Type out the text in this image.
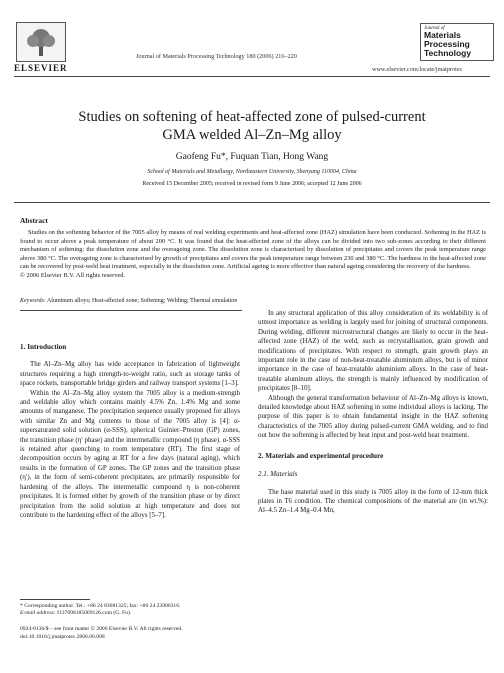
ELSEVIER
Journal of Materials Processing Technology 180 (2006) 216–220
Journal of
Materials
Processing
Technology
www.elsevier.com/locate/jmatprotec
Studies on softening of heat-affected zone of pulsed-current
GMA welded Al–Zn–Mg alloy
Gaofeng Fu*, Fuquan Tian, Hong Wang
School of Materials and Metallurgy, Northeastern University, Shenyang 110004, China
Received 15 December 2005; received in revised form 9 June 2006; accepted 12 June 2006
Abstract
Studies on the softening behavior of the 7005 alloy by means of real welding experiments and heat-affected zone (HAZ) simulation have been conducted. Softening in the HAZ is found to occur above a peak temperature of about 200 °C. It was found that the heat-affected zone of the alloys can be divided into two sub-zones according to their different mechanism of softening: the dissolution zone and the overageing zone. The dissolution zone is characterised by dissolution of precipitates and covers the peak temperature range above 380 °C. The overageing zone is characterised by growth of precipitates and covers the peak temperature range between 230 and 380 °C. The hardness in the heat-affected zone can be recovered by post-weld heat treatment, especially in the dissolution zone. Artificial ageing is more effective than natural ageing considering the recovery of the hardness.
© 2006 Elsevier B.V. All rights reserved.
Keywords: Aluminum alloys; Heat-affected zone; Softening; Welding; Thermal simulation
1. Introduction

The Al–Zn–Mg alloy has wide acceptance in fabrication of lightweight structures requiring a high strength-to-weight ratio, such as storage tanks of space rockets, transportable bridge girders and railway transport systems [1–3].

Within the Al–Zn–Mg alloy system the 7005 alloy is a medium-strength and weldable alloy which contains mainly 4.5% Zn, 1.4% Mg and some amounts of manganese. The precipitation sequence usually proposed for alloys with similar Zn and Mg contents to those of the 7005 alloy is [4]: α-supersaturated solid solution (α-SSS), spherical Guinier–Preston (GP) zones, the transition phase (η′ phase) and the intermetallic compound (η phase). α-SSS is retained after quenching to room temperature (RT). The first stage of decomposition occurs by aging at RT for a few days (natural aging), which results in the formation of GP zones. The GP zones and the transition phase (η′), in the form of semi-coherent precipitates, are primarily responsible for hardening of the alloys. The intermetallic compound η is non-coherent precipitates. It is formed either by growth of the transition phase or by direct precipitation from the solid solution at high temperature and does not contribute to the hardening effect of the alloys [5–7].

In any structural application of this alloy consideration of its weldability is of utmost importance as welding is largely used for joining of structural components. During welding, different microstructural changes are likely to occur in the heat-affected zone (HAZ) of the weld, such as recrystallisation, grain growth and modifications of precipitates. With respect to strength, grain growth plays an important role in the case of non-heat-treatable aluminium alloys, but is of minor importance in the case of heat-treatable aluminium alloys. In the case of heat-treatable aluminum alloys, the strength is mainly influenced by modification of precipitates [8–10].

Although the general transformation behaviour of Al–Zn–Mg alloys is known, detailed knowledge about HAZ softening in some individual alloys is lacking. The purpose of this paper is to obtain fundamental insight in the HAZ softening characteristics of the 7005 alloy during pulsed-current GMA welding, and to find out how the softening is affected by heat input and post-weld heat treatment.

2. Materials and experimental procedure
2.1. Materials

The base material used in this study is 7005 alloy in the form of 12-mm thick plates in T6 condition. The chemical compositions of the material are (in wt.%): Al–4.5 Zn–1.4 Mg–0.4 Mn,

* Corresponding author. Tel.: +86 24 83681325; fax: +86 24 23906316.
E-mail address: f137098185069126.com (G. Fu).
0924-0136/$ – see front matter © 2006 Elsevier B.V. All rights reserved.
doi:10.1016/j.jmatprotec.2006.06.008
